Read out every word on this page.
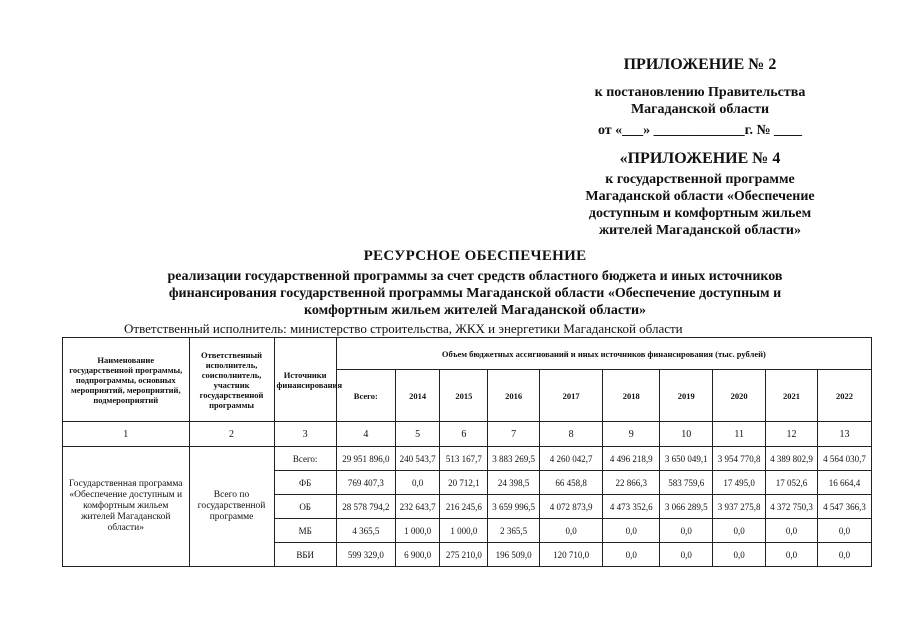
ПРИЛОЖЕНИЕ № 2
к постановлению Правительства
Магаданской области
от «___» _____________г. № ____
«ПРИЛОЖЕНИЕ № 4
к государственной программе
Магаданской области «Обеспечение
доступным и комфортным жильем
жителей Магаданской области»
РЕСУРСНОЕ ОБЕСПЕЧЕНИЕ
реализации государственной программы за счет средств областного бюджета и иных источников
финансирования государственной программы Магаданской области «Обеспечение доступным и
комфортным жильем жителей Магаданской области»
Ответственный исполнитель: министерство строительства, ЖКХ и энергетики Магаданской области
Наименование государственной программы, подпрограммы, основных мероприятий, мероприятий, подмероприятий	Ответственный исполнитель, соисполнитель, участник государственной программы	Источники финансирования	Объем бюджетных ассигнований и иных источников финансирования (тыс. рублей)									
			Всего:	2014	2015	2016	2017	2018	2019	2020	2021	2022
1	2	3	4	5	6	7	8	9	10	11	12	13
Государственная программа «Обеспечение доступным и комфортным жильем жителей Магаданской области»	Всего по государственной программе	Всего:	29 951 896,0	240 543,7	513 167,7	3 883 269,5	4 260 042,7	4 496 218,9	3 650 049,1	3 954 770,8	4 389 802,9	4 564 030,7
		ФБ	769 407,3	0,0	20 712,1	24 398,5	66 458,8	22 866,3	583 759,6	17 495,0	17 052,6	16 664,4
		ОБ	28 578 794,2	232 643,7	216 245,6	3 659 996,5	4 072 873,9	4 473 352,6	3 066 289,5	3 937 275,8	4 372 750,3	4 547 366,3
		МБ	4 365,5	1 000,0	1 000,0	2 365,5	0,0	0,0	0,0	0,0	0,0	0,0
		ВБИ	599 329,0	6 900,0	275 210,0	196 509,0	120 710,0	0,0	0,0	0,0	0,0	0,0
